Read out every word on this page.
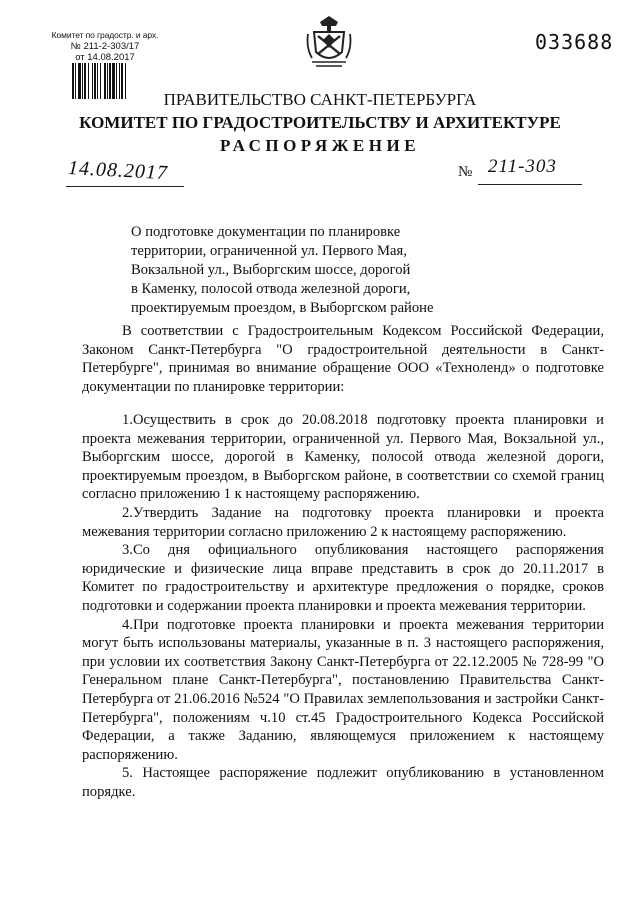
Комитет по градостр. и арх.
№ 211-2-303/17
от 14.08.2017
033688
ПРАВИТЕЛЬСТВО САНКТ-ПЕТЕРБУРГА
КОМИТЕТ ПО ГРАДОСТРОИТЕЛЬСТВУ И АРХИТЕКТУРЕ
РАСПОРЯЖЕНИЕ
14.08.2017	№ 211-303
О подготовке документации по планировке
территории, ограниченной ул. Первого Мая,
Вокзальной ул., Выборгским шоссе, дорогой
в Каменку, полосой отвода железной дороги,
проектируемым проездом, в Выборгском районе

В соответствии с Градостроительным Кодексом Российской Федерации, Законом Санкт-Петербурга "О градостроительной деятельности в Санкт-Петербурге", принимая во внимание обращение ООО «Техноленд» о подготовке документации по планировке территории:

1.Осуществить в срок до 20.08.2018 подготовку проекта планировки и проекта межевания территории, ограниченной ул. Первого Мая, Вокзальной ул., Выборгским шоссе, дорогой в Каменку, полосой отвода железной дороги, проектируемым проездом, в Выборгском районе, в соответствии со схемой границ согласно приложению 1 к настоящему распоряжению.

2.Утвердить Задание на подготовку проекта планировки и проекта межевания территории согласно приложению 2 к настоящему распоряжению.

3.Со дня официального опубликования настоящего распоряжения юридические и физические лица вправе представить в срок до 20.11.2017 в Комитет по градостроительству и архитектуре предложения о порядке, сроков подготовки и содержании проекта планировки и проекта межевания территории.

4.При подготовке проекта планировки и проекта межевания территории могут быть использованы материалы, указанные в п. 3 настоящего распоряжения, при условии их соответствия Закону Санкт-Петербурга от 22.12.2005 № 728-99 "О Генеральном плане Санкт-Петербурга", постановлению Правительства Санкт-Петербурга от 21.06.2016 №524 "О Правилах землепользования и застройки Санкт-Петербурга", положениям ч.10 ст.45 Градостроительного Кодекса Российской Федерации, а также Заданию, являющемуся приложением к настоящему распоряжению.

5. Настоящее распоряжение подлежит опубликованию в установленном порядке.
